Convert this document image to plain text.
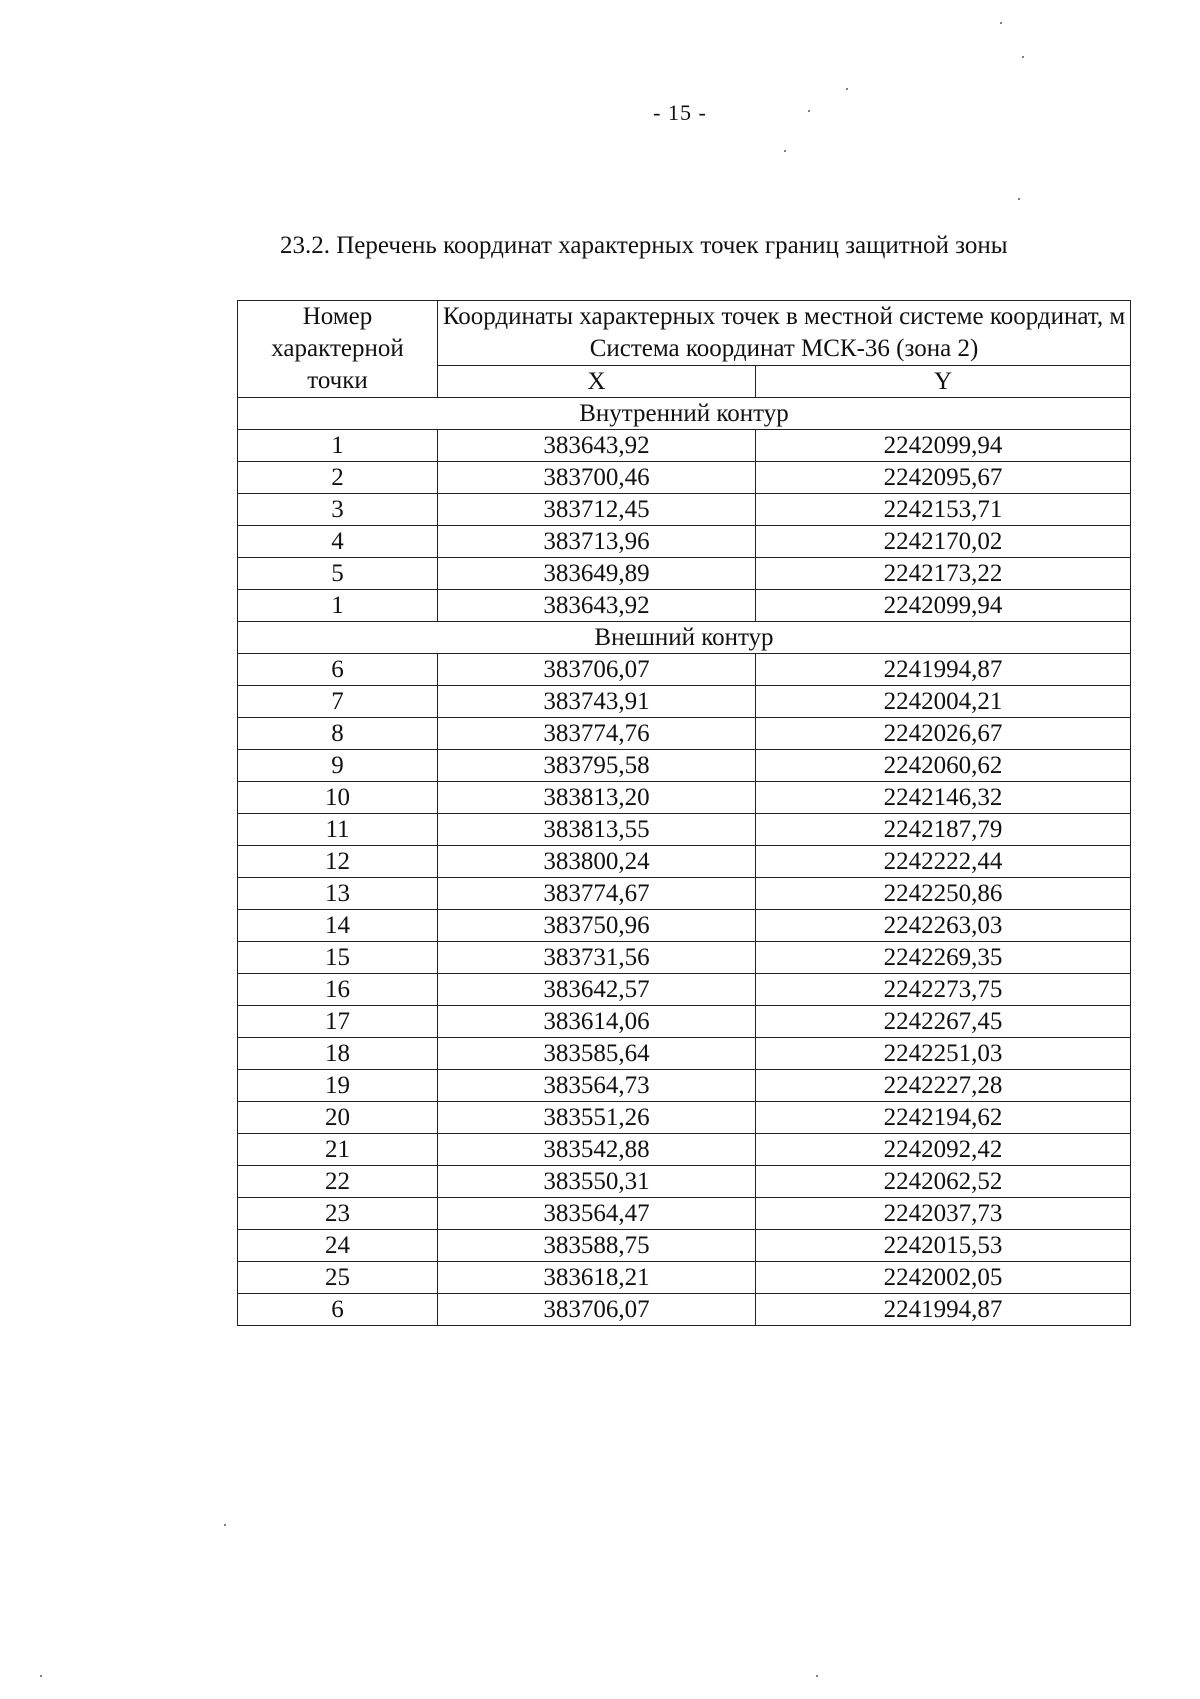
- 15 -
23.2. Перечень координат характерных точек границ защитной зоны
Номер характерной точки	Координаты характерных точек в местной системе координат, м
Система координат МСК-36 (зона 2)	

	X	Y
Внутренний контур		
1	383643,92	2242099,94
2	383700,46	2242095,67
3	383712,45	2242153,71
4	383713,96	2242170,02
5	383649,89	2242173,22
1	383643,92	2242099,94
Внешний контур		
6	383706,07	2241994,87
7	383743,91	2242004,21
8	383774,76	2242026,67
9	383795,58	2242060,62
10	383813,20	2242146,32
11	383813,55	2242187,79
12	383800,24	2242222,44
13	383774,67	2242250,86
14	383750,96	2242263,03
15	383731,56	2242269,35
16	383642,57	2242273,75
17	383614,06	2242267,45
18	383585,64	2242251,03
19	383564,73	2242227,28
20	383551,26	2242194,62
21	383542,88	2242092,42
22	383550,31	2242062,52
23	383564,47	2242037,73
24	383588,75	2242015,53
25	383618,21	2242002,05
6	383706,07	2241994,87
